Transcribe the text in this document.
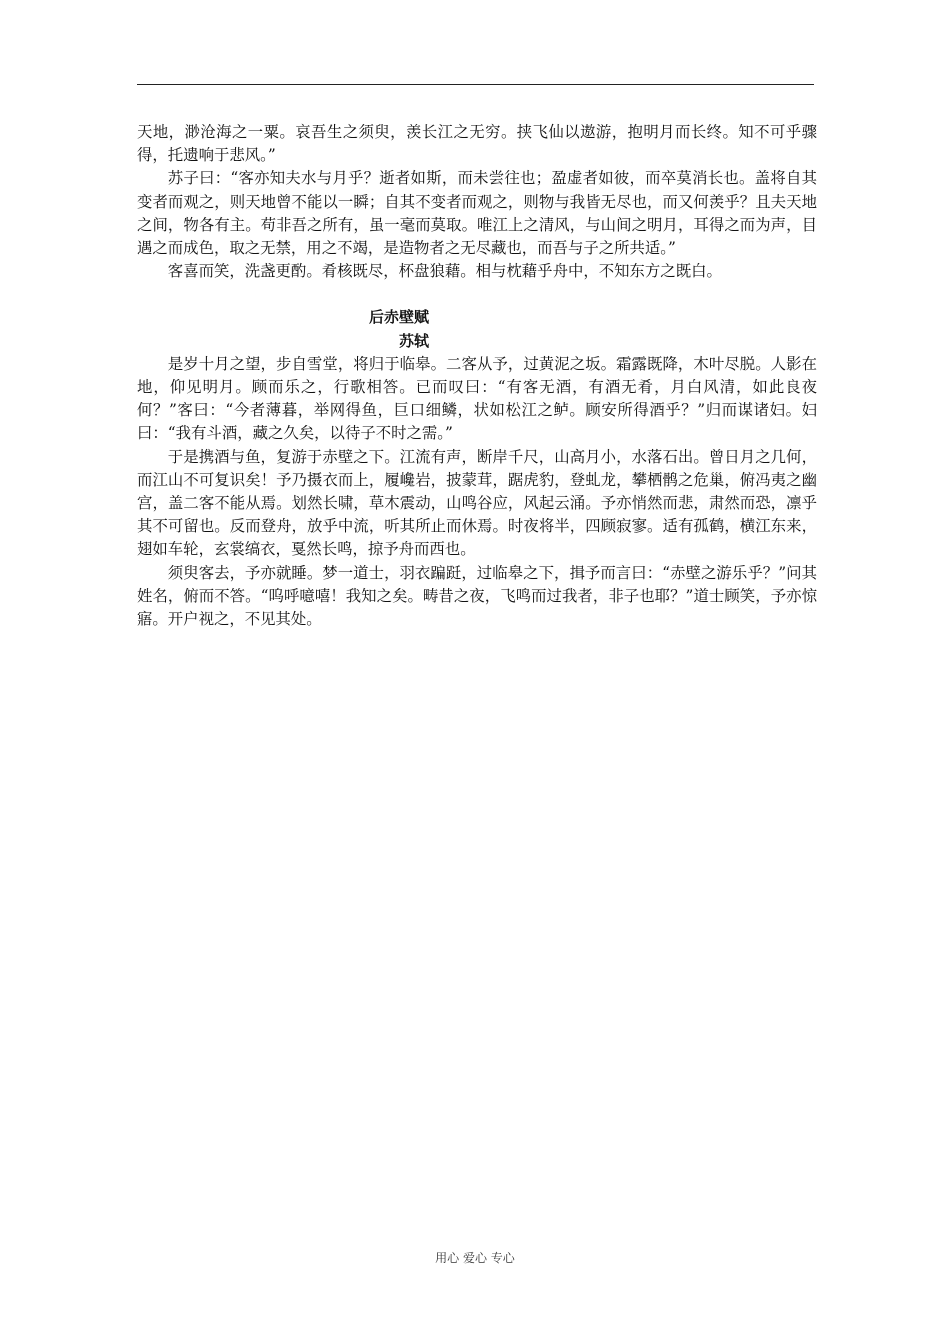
天地，渺沧海之一粟。哀吾生之须臾，羡长江之无穷。挟飞仙以遨游，抱明月而长终。知不可乎骤得，托遗响于悲风。”

苏子曰：“客亦知夫水与月乎？逝者如斯，而未尝往也；盈虚者如彼，而卒莫消长也。盖将自其变者而观之，则天地曾不能以一瞬；自其不变者而观之，则物与我皆无尽也，而又何羡乎？且夫天地之间，物各有主。苟非吾之所有，虽一毫而莫取。唯江上之清风，与山间之明月，耳得之而为声，目遇之而成色，取之无禁，用之不竭，是造物者之无尽藏也，而吾与子之所共适。”

客喜而笑，洗盏更酌。肴核既尽，杯盘狼藉。相与枕藉乎舟中，不知东方之既白。

后赤壁赋

苏轼

是岁十月之望，步自雪堂，将归于临皋。二客从予，过黄泥之坂。霜露既降，木叶尽脱。人影在地，仰见明月。顾而乐之，行歌相答。已而叹曰：“有客无酒，有酒无肴，月白风清，如此良夜何？”客曰：“今者薄暮，举网得鱼，巨口细鳞，状如松江之鲈。顾安所得酒乎？”归而谋诸妇。妇曰：“我有斗酒，藏之久矣，以待子不时之需。”

于是携酒与鱼，复游于赤壁之下。江流有声，断岸千尺，山高月小，水落石出。曾日月之几何，而江山不可复识矣！予乃摄衣而上，履巉岩，披蒙茸，踞虎豹，登虬龙，攀栖鹘之危巢，俯冯夷之幽宫，盖二客不能从焉。划然长啸，草木震动，山鸣谷应，风起云涌。予亦悄然而悲，肃然而恐，凛乎其不可留也。反而登舟，放乎中流，听其所止而休焉。时夜将半，四顾寂寥。适有孤鹤，横江东来，翅如车轮，玄裳缟衣，戛然长鸣，掠予舟而西也。

须臾客去，予亦就睡。梦一道士，羽衣蹁跹，过临皋之下，揖予而言曰：“赤壁之游乐乎？”问其姓名，俯而不答。“呜呼噫嘻！我知之矣。畴昔之夜，飞鸣而过我者，非子也耶？”道士顾笑，予亦惊寤。开户视之，不见其处。

用心 爱心 专心
